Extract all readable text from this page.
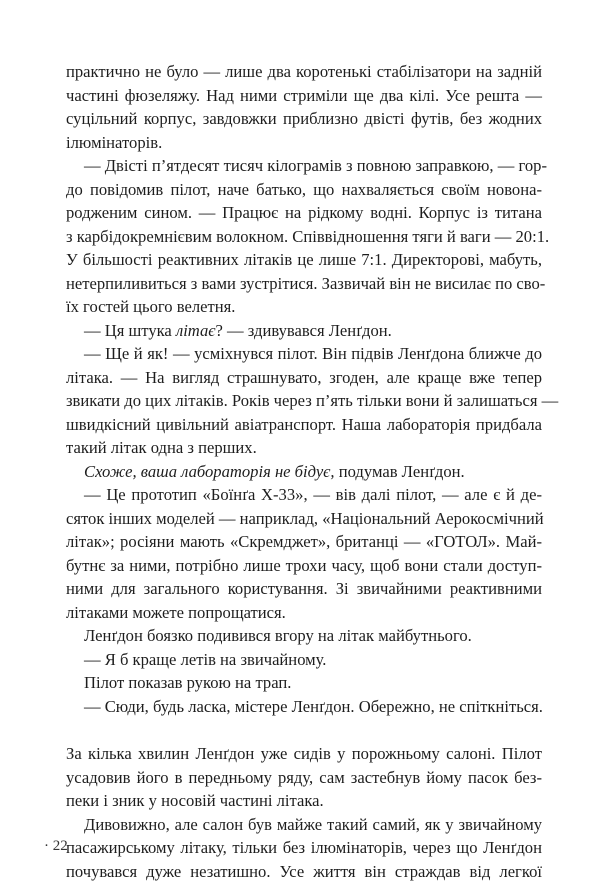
практично не було — лише два коротенькі стабілізатори на задній
частині фюзеляжу. Над ними стриміли ще два кілі. Усе решта —
суцільний корпус, завдовжки приблизно двісті футів, без жодних
ілюмінаторів.
— Двісті п’ятдесят тисяч кілограмів з повною заправкою, — гор-
до повідомив пілот, наче батько, що нахваляється своїм новона-
родженим сином. — Працює на рідкому водні. Корпус із титана
з карбідокремнієвим волокном. Співвідношення тяги й ваги — 20:1.
У більшості реактивних літаків це лише 7:1. Директорові, мабуть,
нетерпиливиться з вами зустрітися. Зазвичай він не висилає по сво-
їх гостей цього велетня.
— Ця штука літає? — здивувався Ленґдон.
— Ще й як! — усміхнувся пілот. Він підвів Ленґдона ближче до
літака. — На вигляд страшнувато, згоден, але краще вже тепер
звикати до цих літаків. Років через п’ять тільки вони й залишаться —
швидкісний цивільний авіатранспорт. Наша лабораторія придбала
такий літак одна з перших.
Схоже, ваша лабораторія не бідує, подумав Ленґдон.
— Це прототип «Боїнґа Х-33», — вів далі пілот, — але є й де-
сяток інших моделей — наприклад, «Національний Аерокосмічний
літак»; росіяни мають «Скремджет», британці — «ГОТОЛ». Май-
бутнє за ними, потрібно лише трохи часу, щоб вони стали доступ-
ними для загального користування. Зі звичайними реактивними
літаками можете попрощатися.
Ленґдон боязко подивився вгору на літак майбутнього.
— Я б краще летів на звичайному.
Пілот показав рукою на трап.
— Сюди, будь ласка, містере Ленґдон. Обережно, не спіткніться.
За кілька хвилин Ленґдон уже сидів у порожньому салоні. Пілот
усадовив його в передньому ряду, сам застебнув йому пасок без-
пеки і зник у носовій частині літака.
Дивовижно, але салон був майже такий самий, як у звичайному
пасажирському літаку, тільки без ілюмінаторів, через що Ленґдон
почувався дуже незатишно. Усе життя він страждав від легкої
· 22
